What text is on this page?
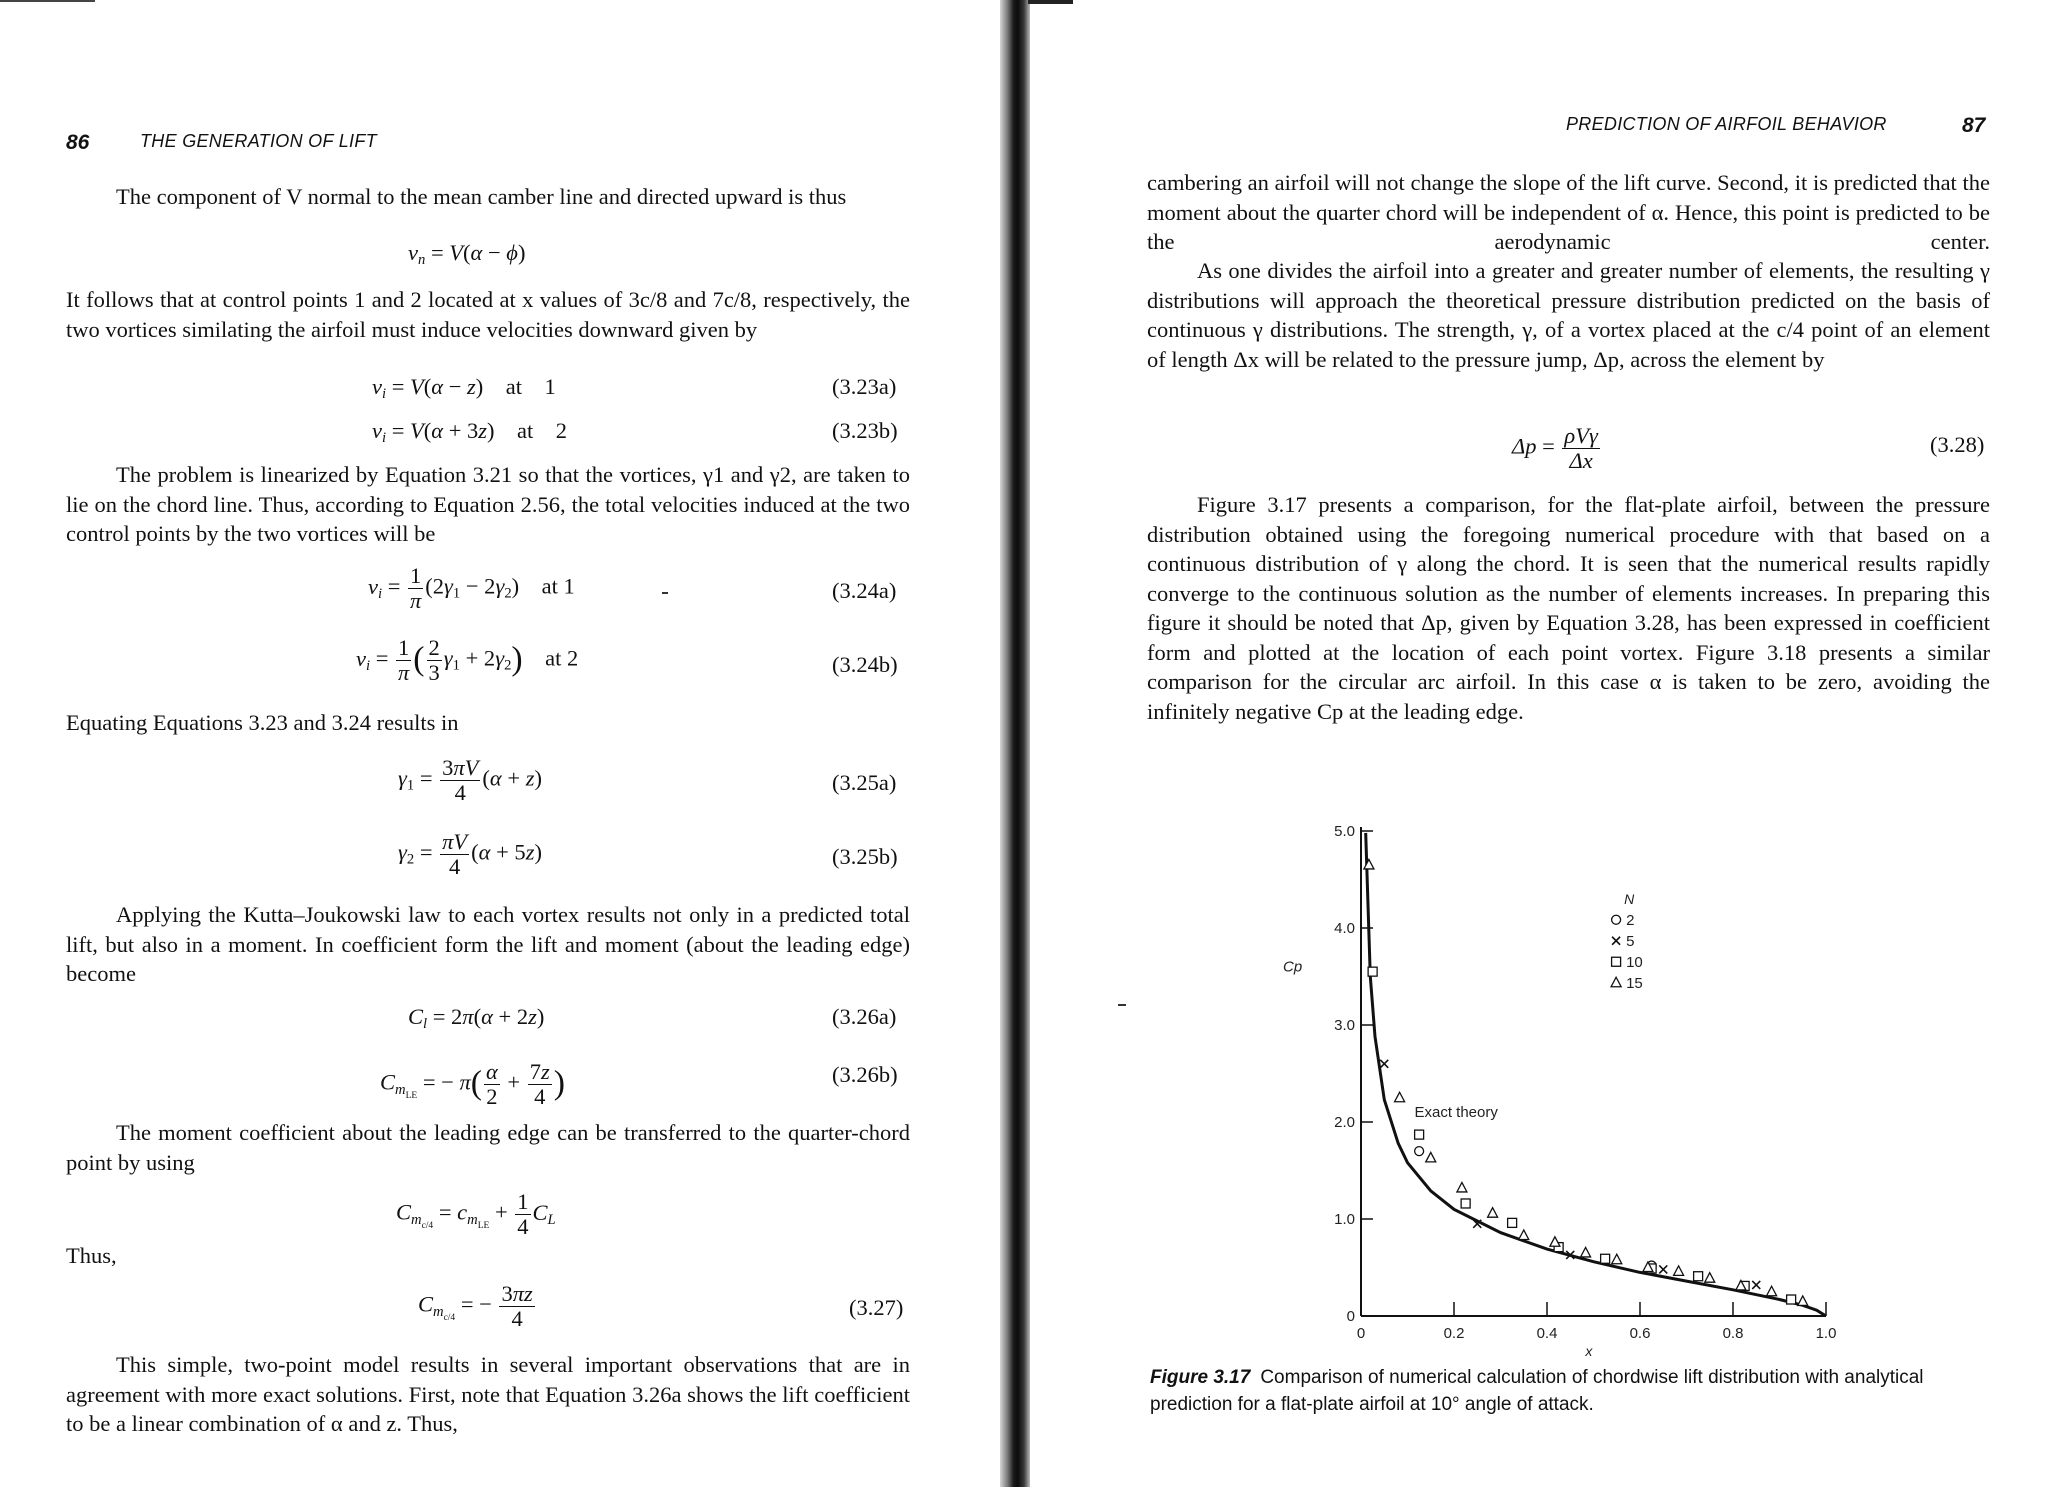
86	THE GENERATION OF LIFT

The component of V normal to the mean camber line and directed upward is thus

$v_n = V(\alpha - \phi)$

It follows that at control points 1 and 2 located at x values of 3c/8 and 7c/8, respectively, the two vortices similating the airfoil must induce velocities downward given by

$v_i = V(\alpha - z)$    at 1	(3.23a)
$v_i = V(\alpha + 3z)$    at 2	(3.23b)

The problem is linearized by Equation 3.21 so that the vortices, γ1 and γ2, are taken to lie on the chord line. Thus, according to Equation 2.56, the total velocities induced at the two control points by the two vortices will be

$v_i = \frac{1}{\pi} (2\gamma_1 - 2\gamma_2)$    at 1	(3.24a)
$v_i = \frac{1}{\pi}$ ( $\frac{2}{3} \gamma_1 + 2\gamma_2$) at 2	(3.24b)

Equating Equations 3.23 and 3.24 results in

$\gamma_1 = \frac{3\pi V}{4} (\alpha + z)$	(3.25a)
$\gamma_2 = \frac{\pi V}{4} (\alpha + 5z)$	(3.25b)

Applying the Kutta–Joukowski law to each vortex results not only in a predicted total lift, but also in a moment. In coefficient form the lift and moment (about the leading edge) become

$C_l = 2\pi(\alpha + 2z)$	(3.26a)
$C_{m_{LE}}$ = − $\pi( \frac{\alpha}{2} + \frac{7z}{4}$ )	(3.26b)

The moment coefficient about the leading edge can be transferred to the quarter-chord point by using

$C_{m_{c/4}} = c_{m_{LE}} + \frac{1}{4} C_L$

Thus,

$C_{m_{c/4}}$ = − $\frac{3\pi z}{4}$	(3.27)

This simple, two-point model results in several important observations that are in agreement with more exact solutions. First, note that Equation 3.26a shows the lift coefficient to be a linear combination of α and z. Thus,

PREDICTION OF AIRFOIL BEHAVIOR	87

cambering an airfoil will not change the slope of the lift curve. Second, it is predicted that the moment about the quarter chord will be independent of α. Hence, this point is predicted to be the aerodynamic center.

As one divides the airfoil into a greater and greater number of elements, the resulting γ distributions will approach the theoretical pressure distribution predicted on the basis of continuous γ distributions. The strength, γ, of a vortex placed at the c/4 point of an element of length Δx will be related to the pressure jump, Δp, across the element by

$\Delta p = \frac{\text{ρVγ}}{\Delta x}$	(3.28)

Figure 3.17 presents a comparison, for the flat-plate airfoil, between the pressure distribution obtained using the foregoing numerical procedure with that based on a continuous distribution of γ along the chord. It is seen that the numerical results rapidly converge to the continuous solution as the number of elements increases. In preparing this figure it should be noted that Δp, given by Equation 3.28, has been expressed in coefficient form and plotted at the location of each point vortex. Figure 3.18 presents a similar comparison for the circular arc airfoil. In this case α is taken to be zero, avoiding the infinitely negative Cp at the leading edge.

0
1.0
2.0
3.0
4.0
5.0
0	0.2	0.4	0.6	0.8	1.0
x
Cp
Exact theory
N
2
5
10
15

Figure 3.17 Comparison of numerical calculation of chordwise lift distribution with analytical prediction for a flat-plate airfoil at 10° angle of attack.
